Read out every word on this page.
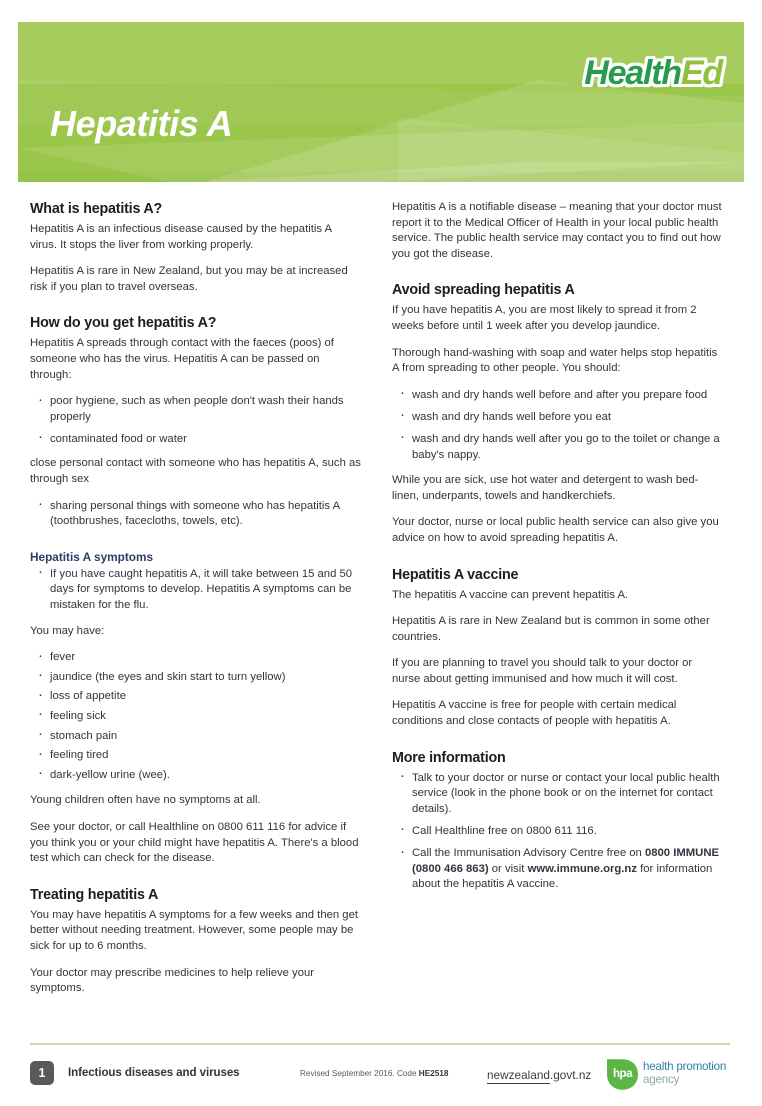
Hepatitis A
HealthEd
What is hepatitis A?

Hepatitis A is an infectious disease caused by the hepatitis A virus. It stops the liver from working properly.

Hepatitis A is rare in New Zealand, but you may be at increased risk if you plan to travel overseas.

How do you get hepatitis A?

Hepatitis A spreads through contact with the faeces (poos) of someone who has the virus. Hepatitis A can be passed on through:

· poor hygiene, such as when people don't wash their hands properly
· contaminated food or water

close personal contact with someone who has hepatitis A, such as through sex

· sharing personal things with someone who has hepatitis A (toothbrushes, facecloths, towels, etc).
Hepatitis A symptoms
· If you have caught hepatitis A, it will take between 15 and 50 days for symptoms to develop. Hepatitis A symptoms can be mistaken for the flu.

You may have:

· fever
· jaundice (the eyes and skin start to turn yellow)
· loss of appetite
· feeling sick
· stomach pain
· feeling tired
· dark-yellow urine (wee).

Young children often have no symptoms at all.

See your doctor, or call Healthline on 0800 611 116 for advice if you think you or your child might have hepatitis A. There's a blood test which can check for the disease.

Treating hepatitis A

You may have hepatitis A symptoms for a few weeks and then get better without needing treatment. However, some people may be sick for up to 6 months.

Your doctor may prescribe medicines to help relieve your symptoms.

Hepatitis A is a notifiable disease – meaning that your doctor must report it to the Medical Officer of Health in your local public health service. The public health service may contact you to find out how you got the disease.

Avoid spreading hepatitis A

If you have hepatitis A, you are most likely to spread it from 2 weeks before until 1 week after you develop jaundice.

Thorough hand-washing with soap and water helps stop hepatitis A from spreading to other people. You should:

· wash and dry hands well before and after you prepare food
· wash and dry hands well before you eat
· wash and dry hands well after you go to the toilet or change a baby's nappy.

While you are sick, use hot water and detergent to wash bed-linen, underpants, towels and handkerchiefs.

Your doctor, nurse or local public health service can also give you advice on how to avoid spreading hepatitis A.

Hepatitis A vaccine

The hepatitis A vaccine can prevent hepatitis A.

Hepatitis A is rare in New Zealand but is common in some other countries.

If you are planning to travel you should talk to your doctor or nurse about getting immunised and how much it will cost.

Hepatitis A vaccine is free for people with certain medical conditions and close contacts of people with hepatitis A.

More information
· Talk to your doctor or nurse or contact your local public health service (look in the phone book or on the internet for contact details).
· Call Healthline free on 0800 611 116.
· Call the Immunisation Advisory Centre free on 0800 IMMUNE (0800 466 863) or visit www.immune.org.nz for information about the hepatitis A vaccine.
1	Infectious diseases and viruses	Revised September 2016. Code HE2518	newzealand.govt.nz	hpa
health promotion
agency
